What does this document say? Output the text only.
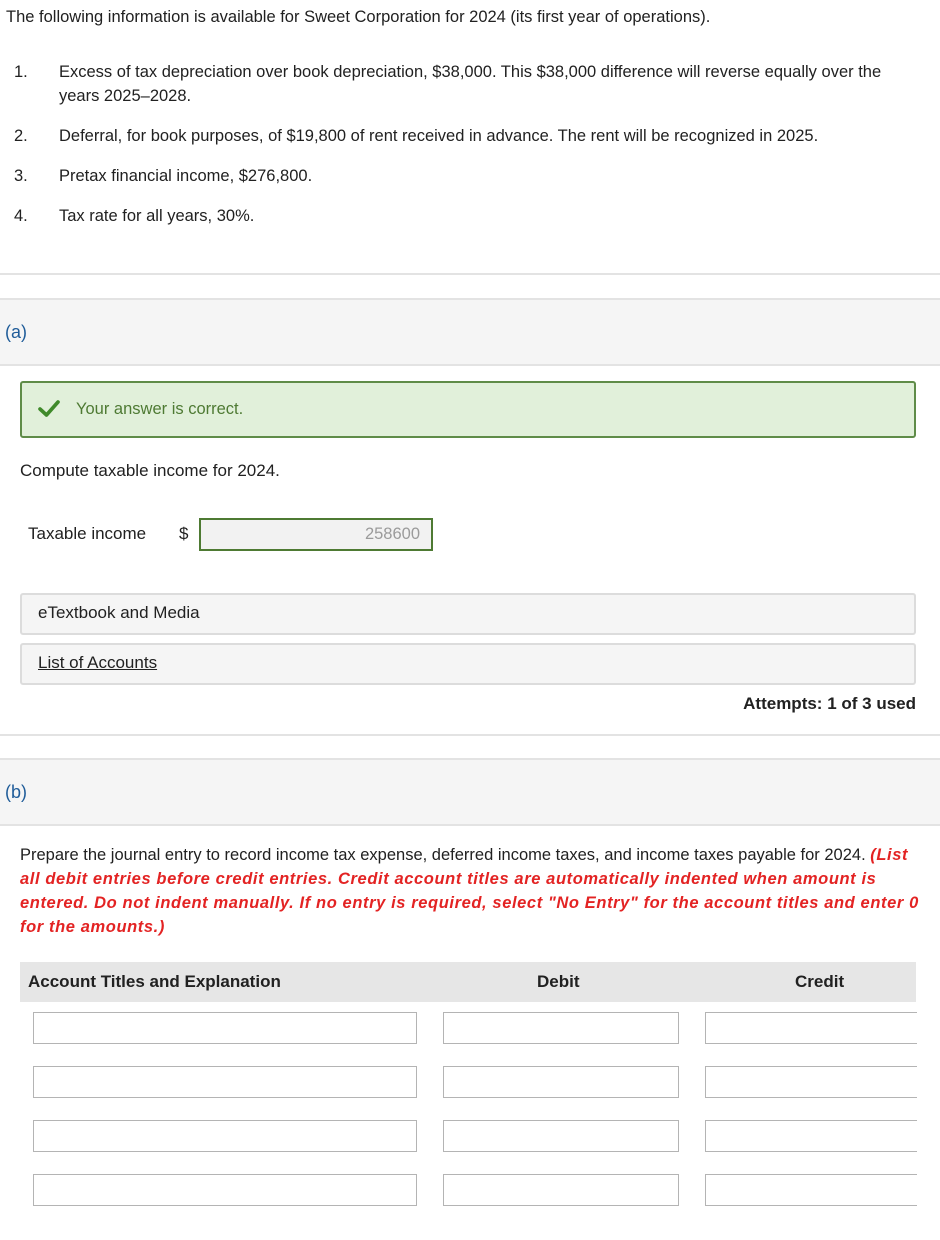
The following information is available for Sweet Corporation for 2024 (its first year of operations).
1. Excess of tax depreciation over book depreciation, $38,000. This $38,000 difference will reverse equally over the years 2025–2028.
2. Deferral, for book purposes, of $19,800 of rent received in advance. The rent will be recognized in 2025.
3. Pretax financial income, $276,800.
4. Tax rate for all years, 30%.
(a)
Your answer is correct.
Compute taxable income for 2024.
Taxable income $
258600
eTextbook and Media
List of Accounts
Attempts: 1 of 3 used
(b)
Prepare the journal entry to record income tax expense, deferred income taxes, and income taxes payable for 2024. (List all debit entries before credit entries. Credit account titles are automatically indented when amount is entered. Do not indent manually. If no entry is required, select "No Entry" for the account titles and enter 0 for the amounts.)
Account Titles and Explanation	Debit	Credit
